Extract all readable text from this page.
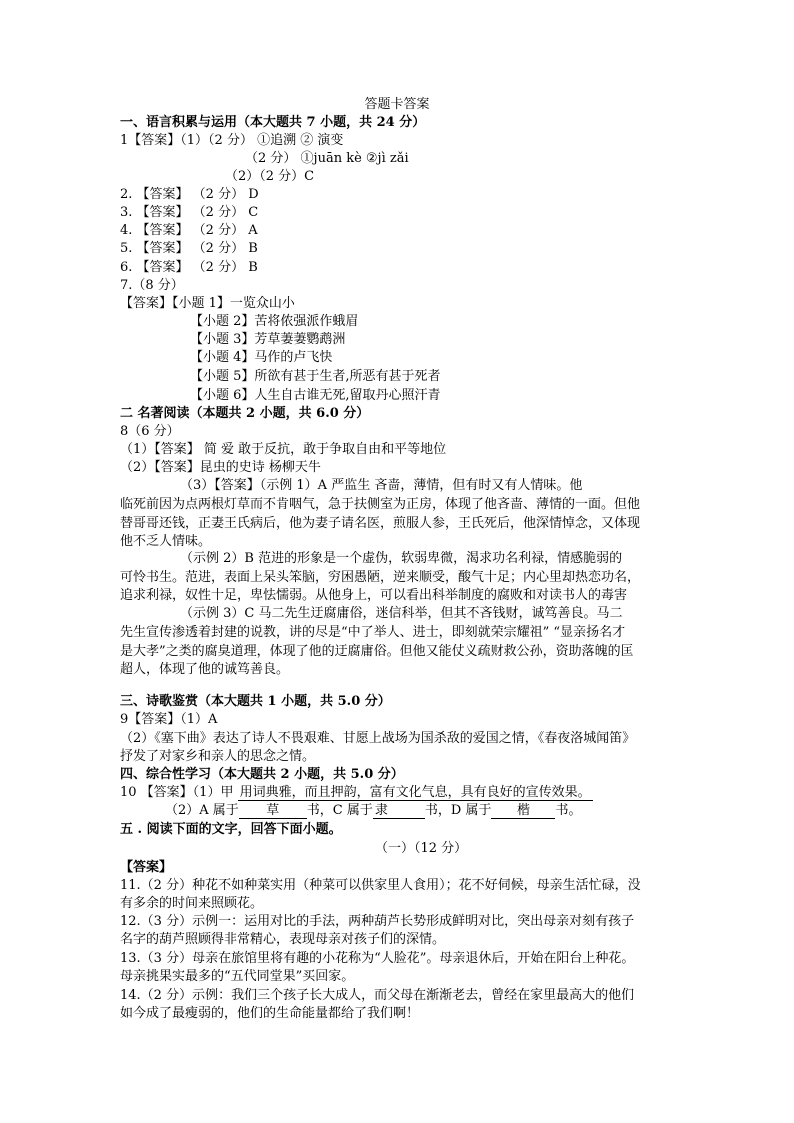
答题卡答案
一、语言积累与运用（本大题共 7 小题，共 24 分）
1【答案】（1）（2 分） ①追溯 ② 演变
（2 分） ①juān kè ②jì zǎi
（2）（2 分）C
2. 【答案】 （2 分） D
3. 【答案】 （2 分） C
4. 【答案】 （2 分） A
5. 【答案】 （2 分） B
6. 【答案】 （2 分） B
7.（8 分）
【答案】【小题 1】一览众山小
【小题 2】苦将侬强派作蛾眉
【小题 3】芳草萋萋鹦鹉洲
【小题 4】马作的卢飞快
【小题 5】所欲有甚于生者,所恶有甚于死者
【小题 6】人生自古谁无死,留取丹心照汗青
二 名著阅读（本题共 2 小题，共 6.0 分）
8（6 分）
（1）【答案】 简 爱 敢于反抗，敢于争取自由和平等地位
（2）【答案】昆虫的史诗 杨柳天牛
（3）【答案】（示例 1）A 严监生 吝啬，薄情，但有时又有人情味。他
临死前因为点两根灯草而不肯咽气，急于扶侧室为正房，体现了他吝啬、薄情的一面。但他
替哥哥还钱，正妻王氏病后，他为妻子请名医，煎服人参，王氏死后，他深情悼念，又体现
他不乏人情味。
（示例 2）B 范进的形象是一个虚伪，软弱卑微，渴求功名利禄，情感脆弱的
可怜书生。范进，表面上呆头笨脑，穷困愚陋，逆来顺受，酸气十足；内心里却热恋功名，
追求利禄，奴性十足，卑怯懦弱。从他身上，可以看出科举制度的腐败和对读书人的毒害
（示例 3）C 马二先生迂腐庸俗，迷信科举，但其不吝钱财，诚笃善良。马二
先生宣传渗透着封建的说教，讲的尽是“中了举人、进士，即刻就荣宗耀祖” “显亲扬名才
是大孝”之类的腐臭道理，体现了他的迂腐庸俗。但他又能仗义疏财救公孙，资助落魄的匡
超人，体现了他的诚笃善良。
三、诗歌鉴赏（本大题共 1 小题，共 5.0 分）
9【答案】（1）A
（2）《塞下曲》表达了诗人不畏艰难、甘愿上战场为国杀敌的爱国之情，《春夜洛城闻笛》
抒发了对家乡和亲人的思念之情。
四、综合性学习（本大题共 2 小题，共 5.0 分）
10 【答案】（1）甲 用词典雅，而且押韵，富有文化气息，具有良好的宣传效果。
（2）A 属于 草 书，C 属于 隶	书，D 属于 楷 书。
五 . 阅读下面的文字，回答下面小题。
（一）（12 分）
【答案】
11.（2 分）种花不如种菜实用（种菜可以供家里人食用）；花不好伺候，母亲生活忙碌，没
有多余的时间来照顾花。
12.（3 分）示例一：运用对比的手法，两种葫芦长势形成鲜明对比，突出母亲对刻有孩子
名字的葫芦照顾得非常精心，表现母亲对孩子们的深情。
13.（3 分）母亲在旅馆里将有趣的小花称为“人脸花”。母亲退休后，开始在阳台上种花。
母亲挑果实最多的“五代同堂果”买回家。
14.（2 分）示例：我们三个孩子长大成人，而父母在渐渐老去，曾经在家里最高大的他们
如今成了最瘦弱的，他们的生命能量都给了我们啊！
